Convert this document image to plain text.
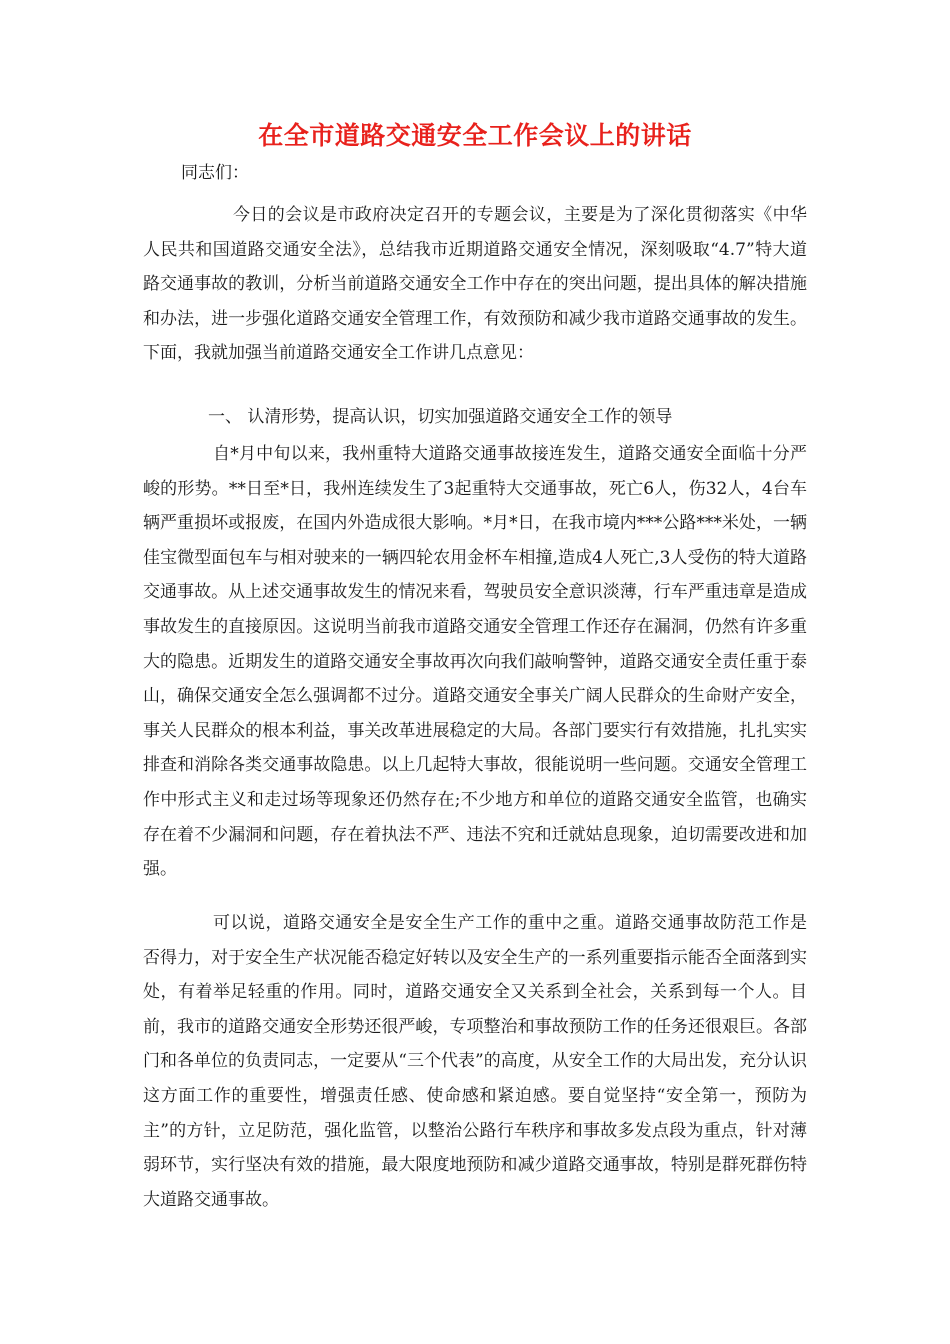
在全市道路交通安全工作会议上的讲话

同志们：

今日的会议是市政府决定召开的专题会议，主要是为了深化贯彻落实《中华人民共和国道路交通安全法》，总结我市近期道路交通安全情况，深刻吸取“4.7”特大道路交通事故的教训，分析当前道路交通安全工作中存在的突出问题，提出具体的解决措施和办法，进一步强化道路交通安全管理工作，有效预防和减少我市道路交通事故的发生。下面，我就加强当前道路交通安全工作讲几点意见：

一、 认清形势，提高认识，切实加强道路交通安全工作的领导

自*月中旬以来，我州重特大道路交通事故接连发生，道路交通安全面临十分严峻的形势。**日至*日，我州连续发生了3起重特大交通事故，死亡6人，伤32人，4台车辆严重损坏或报废，在国内外造成很大影响。*月*日，在我市境内***公路***米处，一辆佳宝微型面包车与相对驶来的一辆四轮农用金杯车相撞,造成4人死亡,3人受伤的特大道路交通事故。从上述交通事故发生的情况来看，驾驶员安全意识淡薄，行车严重违章是造成事故发生的直接原因。这说明当前我市道路交通安全管理工作还存在漏洞，仍然有许多重大的隐患。近期发生的道路交通安全事故再次向我们敲响警钟，道路交通安全责任重于泰山，确保交通安全怎么强调都不过分。道路交通安全事关广阔人民群众的生命财产安全，事关人民群众的根本利益，事关改革进展稳定的大局。各部门要实行有效措施，扎扎实实排查和消除各类交通事故隐患。以上几起特大事故，很能说明一些问题。交通安全管理工作中形式主义和走过场等现象还仍然存在;不少地方和单位的道路交通安全监管，也确实存在着不少漏洞和问题，存在着执法不严、违法不究和迁就姑息现象，迫切需要改进和加强。

可以说，道路交通安全是安全生产工作的重中之重。道路交通事故防范工作是否得力，对于安全生产状况能否稳定好转以及安全生产的一系列重要指示能否全面落到实处，有着举足轻重的作用。同时，道路交通安全又关系到全社会，关系到每一个人。目前，我市的道路交通安全形势还很严峻，专项整治和事故预防工作的任务还很艰巨。各部门和各单位的负责同志，一定要从“三个代表”的高度，从安全工作的大局出发，充分认识这方面工作的重要性，增强责任感、使命感和紧迫感。要自觉坚持“安全第一，预防为主”的方针，立足防范，强化监管，以整治公路行车秩序和事故多发点段为重点，针对薄弱环节，实行坚决有效的措施，最大限度地预防和减少道路交通事故，特别是群死群伤特大道路交通事故。
